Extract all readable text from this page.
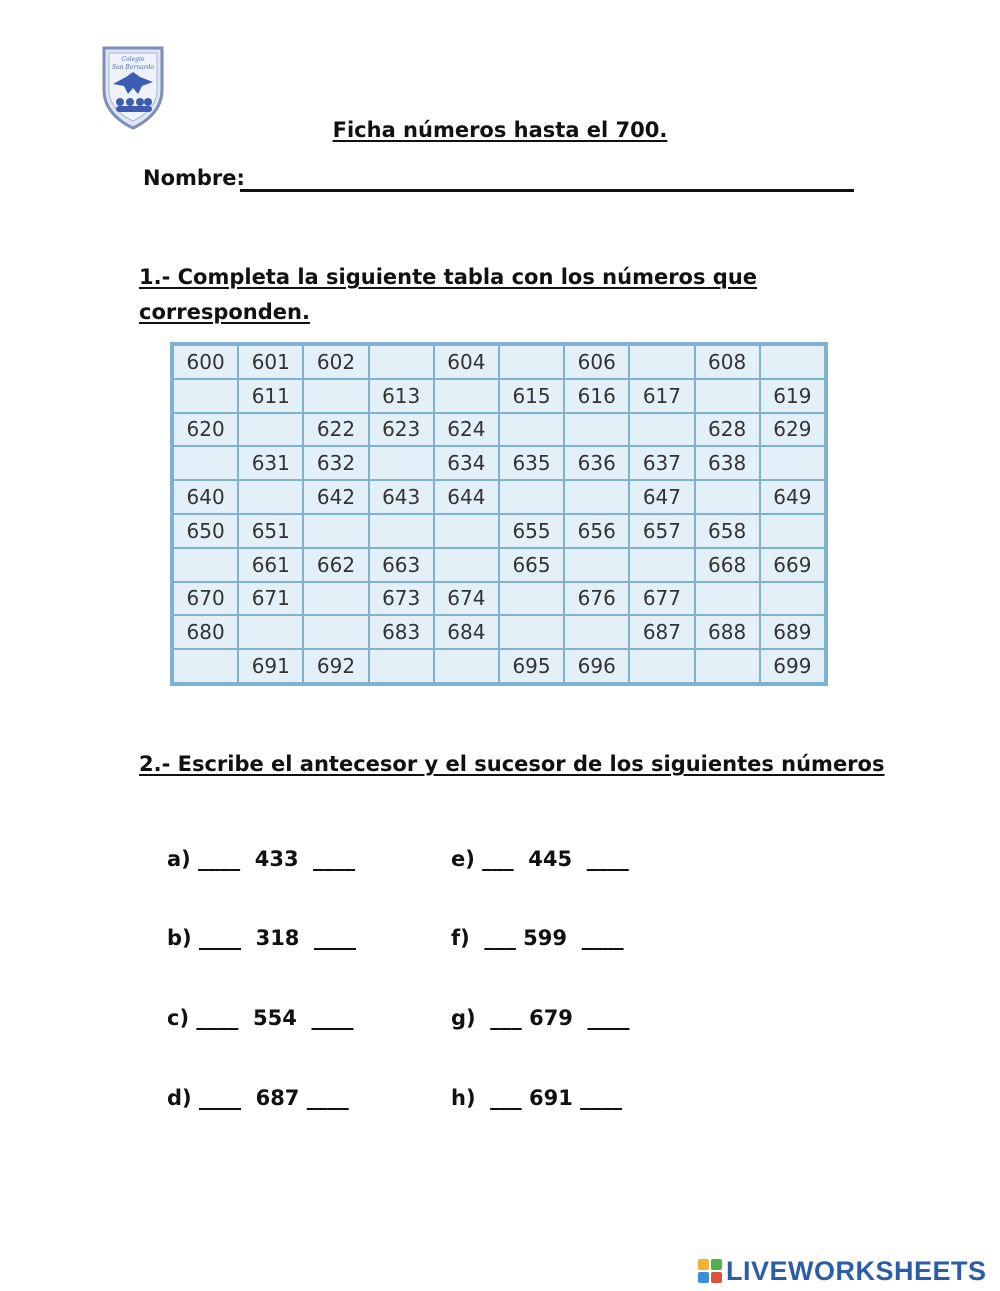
Colegio
San Bernardo
Ficha números hasta el 700.
Nombre:
1.- Completa la siguiente tabla con los números que
corresponden.
600	601	602		604		606		608	
	611		613		615	616	617		619
620		622	623	624				628	629
	631	632		634	635	636	637	638	
640		642	643	644			647		649
650	651				655	656	657	658	
	661	662	663		665			668	669
670	671		673	674		676	677		
680			683	684			687	688	689
	691	692			695	696			699
2.- Escribe el antecesor y el sucesor de los siguientes números
a) ____  433  ____
b) ____  318  ____
c) ____  554  ____
d) ____  687 ____
e) ___  445  ____
f)  ___ 599  ____
g)  ___ 679  ____
h)  ___ 691 ____
LIVEWORKSHEETS
